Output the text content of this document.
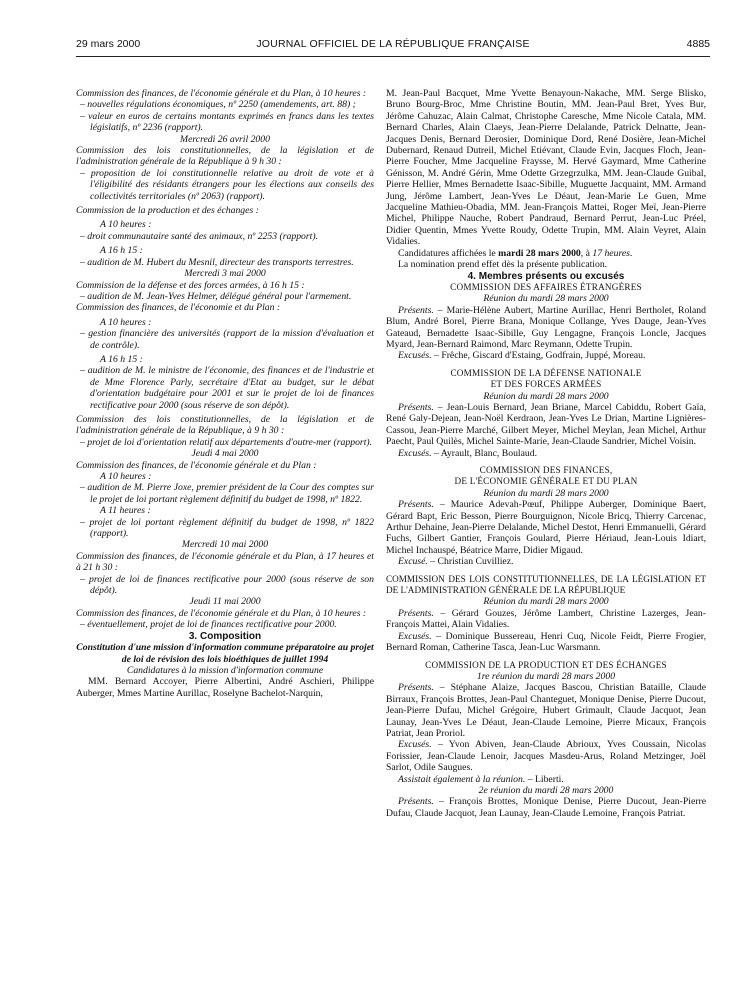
29 mars 2000	JOURNAL OFFICIEL DE LA RÉPUBLIQUE FRANÇAISE	4885

Commission des finances, de l'économie générale et du Plan, à 10 heures :

– nouvelles régulations économiques, nº 2250 (amendements, art. 88) ;

– valeur en euros de certains montants exprimés en francs dans les textes législatifs, nº 2236 (rapport).

Mercredi 26 avril 2000

Commission des lois constitutionnelles, de la législation et de l'administration générale de la République à 9 h 30 :

– proposition de loi constitutionnelle relative au droit de vote et à l'éligibilité des résidants étrangers pour les élections aux conseils des collectivités territoriales (nº 2063) (rapport).

Commission de la production et des échanges :

A 10 heures :

– droit communautaire santé des animaux, nº 2253 (rapport).

A 16 h 15 :

– audition de M. Hubert du Mesnil, directeur des transports terrestres.

Mercredi 3 mai 2000

Commission de la défense et des forces armées, à 16 h 15 :

– audition de M. Jean-Yves Helmer, délégué général pour l'armement.

Commission des finances, de l'économie et du Plan :

A 10 heures :

– gestion financière des universités (rapport de la mission d'évaluation et de contrôle).

A 16 h 15 :

– audition de M. le ministre de l'économie, des finances et de l'industrie et de Mme Florence Parly, secrétaire d'Etat au budget, sur le débat d'orientation budgétaire pour 2001 et sur le projet de loi de finances rectificative pour 2000 (sous réserve de son dépôt).

Commission des lois constitutionnelles, de la législation et de l'administration générale de la République, à 9 h 30 :

– projet de loi d'orientation relatif aux départements d'outre-mer (rapport).

Jeudi 4 mai 2000

Commission des finances, de l'économie générale et du Plan :

A 10 heures :

– audition de M. Pierre Joxe, premier président de la Cour des comptes sur le projet de loi portant règlement définitif du budget de 1998, nº 1822.

A 11 heures :

– projet de loi portant règlement définitif du budget de 1998, nº 1822 (rapport).

Mercredi 10 mai 2000

Commission des finances, de l'économie générale et du Plan, à 17 heures et à 21 h 30 :

– projet de loi de finances rectificative pour 2000 (sous réserve de son dépôt).

Jeudi 11 mai 2000

Commission des finances, de l'économie générale et du Plan, à 10 heures :

– éventuellement, projet de loi de finances rectificative pour 2000.

3. Composition

Constitution d'une mission d'information commune préparatoire au projet de loi de révision des lois bioéthiques de juillet 1994

Candidatures à la mission d'information commune

MM. Bernard Accoyer, Pierre Albertini, André Aschieri, Philippe Auberger, Mmes Martine Aurillac, Roselyne Bachelot-Narquin,

M. Jean-Paul Bacquet, Mme Yvette Benayoun-Nakache, MM. Serge Blisko, Bruno Bourg-Broc, Mme Christine Boutin, MM. Jean-Paul Bret, Yves Bur, Jérôme Cahuzac, Alain Calmat, Christophe Caresche, Mme Nicole Catala, MM. Bernard Charles, Alain Claeys, Jean-Pierre Delalande, Patrick Delnatte, Jean-Jacques Denis, Bernard Derosier, Dominique Dord, René Dosière, Jean-Michel Dubernard, Renaud Dutreil, Michel Etiévant, Claude Evin, Jacques Floch, Jean-Pierre Foucher, Mme Jacqueline Fraysse, M. Hervé Gaymard, Mme Catherine Génisson, M. André Gérin, Mme Odette Grzegrzulka, MM. Jean-Claude Guibal, Pierre Hellier, Mmes Bernadette Isaac-Sibille, Muguette Jacquaint, MM. Armand Jung, Jérôme Lambert, Jean-Yves Le Déaut, Jean-Marie Le Guen, Mme Jacqueline Mathieu-Obadia, MM. Jean-François Mattei, Roger Meï, Jean-Pierre Michel, Philippe Nauche, Robert Pandraud, Bernard Perrut, Jean-Luc Préel, Didier Quentin, Mmes Yvette Roudy, Odette Trupin, MM. Alain Veyret, Alain Vidalies.

Candidatures affichées le mardi 28 mars 2000, à 17 heures.

La nomination prend effet dès la présente publication.

4. Membres présents ou excusés

COMMISSION DES AFFAIRES ÉTRANGÈRES

Réunion du mardi 28 mars 2000

Présents. – Marie-Hélène Aubert, Martine Aurillac, Henri Bertholet, Roland Blum, André Borel, Pierre Brana, Monique Collange, Yves Dauge, Jean-Yves Gateaud, Bernadette Isaac-Sibille, Guy Lengagne, François Loncle, Jacques Myard, Jean-Bernard Raimond, Marc Reymann, Odette Trupin.

Excusés. – Frêche, Giscard d'Estaing, Godfrain, Juppé, Moreau.

COMMISSION DE LA DÉFENSE NATIONALE

ET DES FORCES ARMÉES

Réunion du mardi 28 mars 2000

Présents. – Jean-Louis Bernard, Jean Briane, Marcel Cabiddu, Robert Gaïa, René Galy-Dejean, Jean-Noël Kerdraon, Jean-Yves Le Drian, Martine Lignières-Cassou, Jean-Pierre Marché, Gilbert Meyer, Michel Meylan, Jean Michel, Arthur Paecht, Paul Quilès, Michel Sainte-Marie, Jean-Claude Sandrier, Michel Voisin.

Excusés. – Ayrault, Blanc, Boulaud.

COMMISSION DES FINANCES,

DE L'ÉCONOMIE GÉNÉRALE ET DU PLAN

Réunion du mardi 28 mars 2000

Présents. – Maurice Adevah-Pœuf, Philippe Auberger, Dominique Baert, Gérard Bapt, Eric Besson, Pierre Bourguignon, Nicole Bricq, Thierry Carcenac, Arthur Dehaine, Jean-Pierre Delalande, Michel Destot, Henri Emmanuelli, Gérard Fuchs, Gilbert Gantier, François Goulard, Pierre Hériaud, Jean-Louis Idiart, Michel Inchauspé, Béatrice Marre, Didier Migaud.

Excusé. – Christian Cuvilliez.

COMMISSION DES LOIS CONSTITUTIONNELLES, DE LA LÉGISLATION ET DE L'ADMINISTRATION GÉNÉRALE DE LA RÉPUBLIQUE

Réunion du mardi 28 mars 2000

Présents. – Gérard Gouzes, Jérôme Lambert, Christine Lazerges, Jean-François Mattei, Alain Vidalies.

Excusés. – Dominique Bussereau, Henri Cuq, Nicole Feidt, Pierre Frogier, Bernard Roman, Catherine Tasca, Jean-Luc Warsmann.

COMMISSION DE LA PRODUCTION ET DES ÉCHANGES

1re réunion du mardi 28 mars 2000

Présents. – Stéphane Alaize, Jacques Bascou, Christian Bataille, Claude Birraux, François Brottes, Jean-Paul Chanteguet, Monique Denise, Pierre Ducout, Jean-Pierre Dufau, Michel Grégoire, Hubert Grimault, Claude Jacquot, Jean Launay, Jean-Yves Le Déaut, Jean-Claude Lemoine, Pierre Micaux, François Patriat, Jean Proriol.

Excusés. – Yvon Abiven, Jean-Claude Abrioux, Yves Coussain, Nicolas Forissier, Jean-Claude Lenoir, Jacques Masdeu-Arus, Roland Metzinger, Joël Sarlot, Odile Saugues.

Assistait également à la réunion. – Liberti.

2e réunion du mardi 28 mars 2000

Présents. – François Brottes, Monique Denise, Pierre Ducout, Jean-Pierre Dufau, Claude Jacquot, Jean Launay, Jean-Claude Lemoine, François Patriat.
